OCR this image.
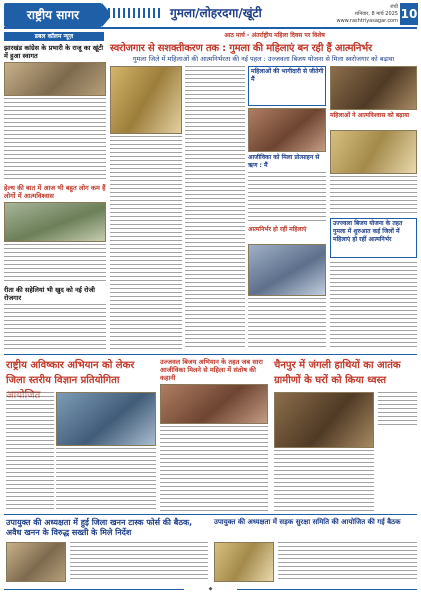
राष्ट्रीय सागर	गुमला/लोहरदगा/खूंटी	रांची
शनिवार, 8 मार्च 2025
www.rashtriyasagar.com 10
डबल कॉलम न्यूज़
झारखंड कांग्रेस के प्रभारी के राजू का खूंटी में हुआ स्वागत
हेल्थ की बात में आज भी बहुत लोग कम हैं लोगों में आत्मविश्वास
रीता की सहेलियां भी खुद को नई रोजी रोजगार
आठ मार्च - अंतर्राष्ट्रीय महिला दिवस पर विशेष
स्वरोजगार से सशक्तीकरण तक : गुमला की महिलाएं बन रही हैं आत्मनिर्भर
गुमला जिले में महिलाओं की आत्मनिर्भरता की नई पहल : उज्जवला बिजय योजना से मिला स्वरोजगार को बढ़ावा
महिलाओं की भागीदारी से जीतेगी मैं
आजीविका को मिला प्रोत्साहन से ऋण : मैं
आत्मनिर्भर हो रहीं महिलाएं
महिलाओं ने आत्मविश्वास को बढ़ाया
उज्ज्वला बिजय योजना के तहत गुमला में शुरुआत कई जिलों में महिलाएं हो रहीं आत्मनिर्भर
राष्ट्रीय अविष्कार अभियान को लेकर जिला स्तरीय विज्ञान प्रतियोगिता
उज्जवल बिजय अभियान के तहत जब सारा आजीविका मिलने से महिला में संतोष की कहानी
चैनपुर में जंगली हाथियों का आतंक ग्रामीणों के घरों को किया ध्वस्त
उपायुक्त की अध्यक्षता में हुई जिला खनन टास्क फोर्स की बैठक, अवैध खनन के विरुद्ध सख्ती के मिले निर्देश
उपायुक्त की अध्यक्षता में सड़क सुरक्षा समिति की आयोजित की गई बैठक
◆
